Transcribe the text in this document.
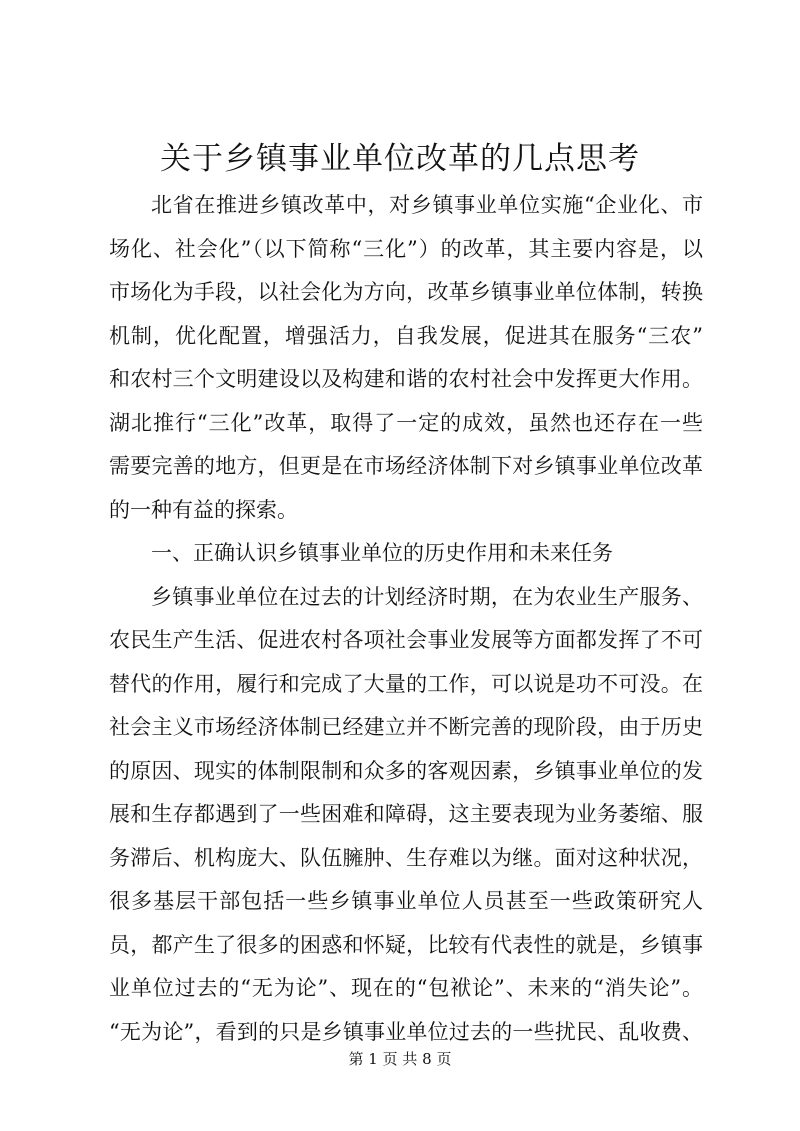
关于乡镇事业单位改革的几点思考
北省在推进乡镇改革中，对乡镇事业单位实施“企业化、市
场化、社会化”（以下简称“三化”）的改革，其主要内容是，以
市场化为手段，以社会化为方向，改革乡镇事业单位体制，转换
机制，优化配置，增强活力，自我发展，促进其在服务“三农”
和农村三个文明建设以及构建和谐的农村社会中发挥更大作用。
湖北推行“三化”改革，取得了一定的成效，虽然也还存在一些
需要完善的地方，但更是在市场经济体制下对乡镇事业单位改革
的一种有益的探索。
一、正确认识乡镇事业单位的历史作用和未来任务
乡镇事业单位在过去的计划经济时期，在为农业生产服务、
农民生产生活、促进农村各项社会事业发展等方面都发挥了不可
替代的作用，履行和完成了大量的工作，可以说是功不可没。在
社会主义市场经济体制已经建立并不断完善的现阶段，由于历史
的原因、现实的体制限制和众多的客观因素，乡镇事业单位的发
展和生存都遇到了一些困难和障碍，这主要表现为业务萎缩、服
务滞后、机构庞大、队伍臃肿、生存难以为继。面对这种状况，
很多基层干部包括一些乡镇事业单位人员甚至一些政策研究人
员，都产生了很多的困惑和怀疑，比较有代表性的就是，乡镇事
业单位过去的“无为论”、现在的“包袱论”、未来的“消失论”。
“无为论”，看到的只是乡镇事业单位过去的一些扰民、乱收费、
第 1 页 共 8 页
